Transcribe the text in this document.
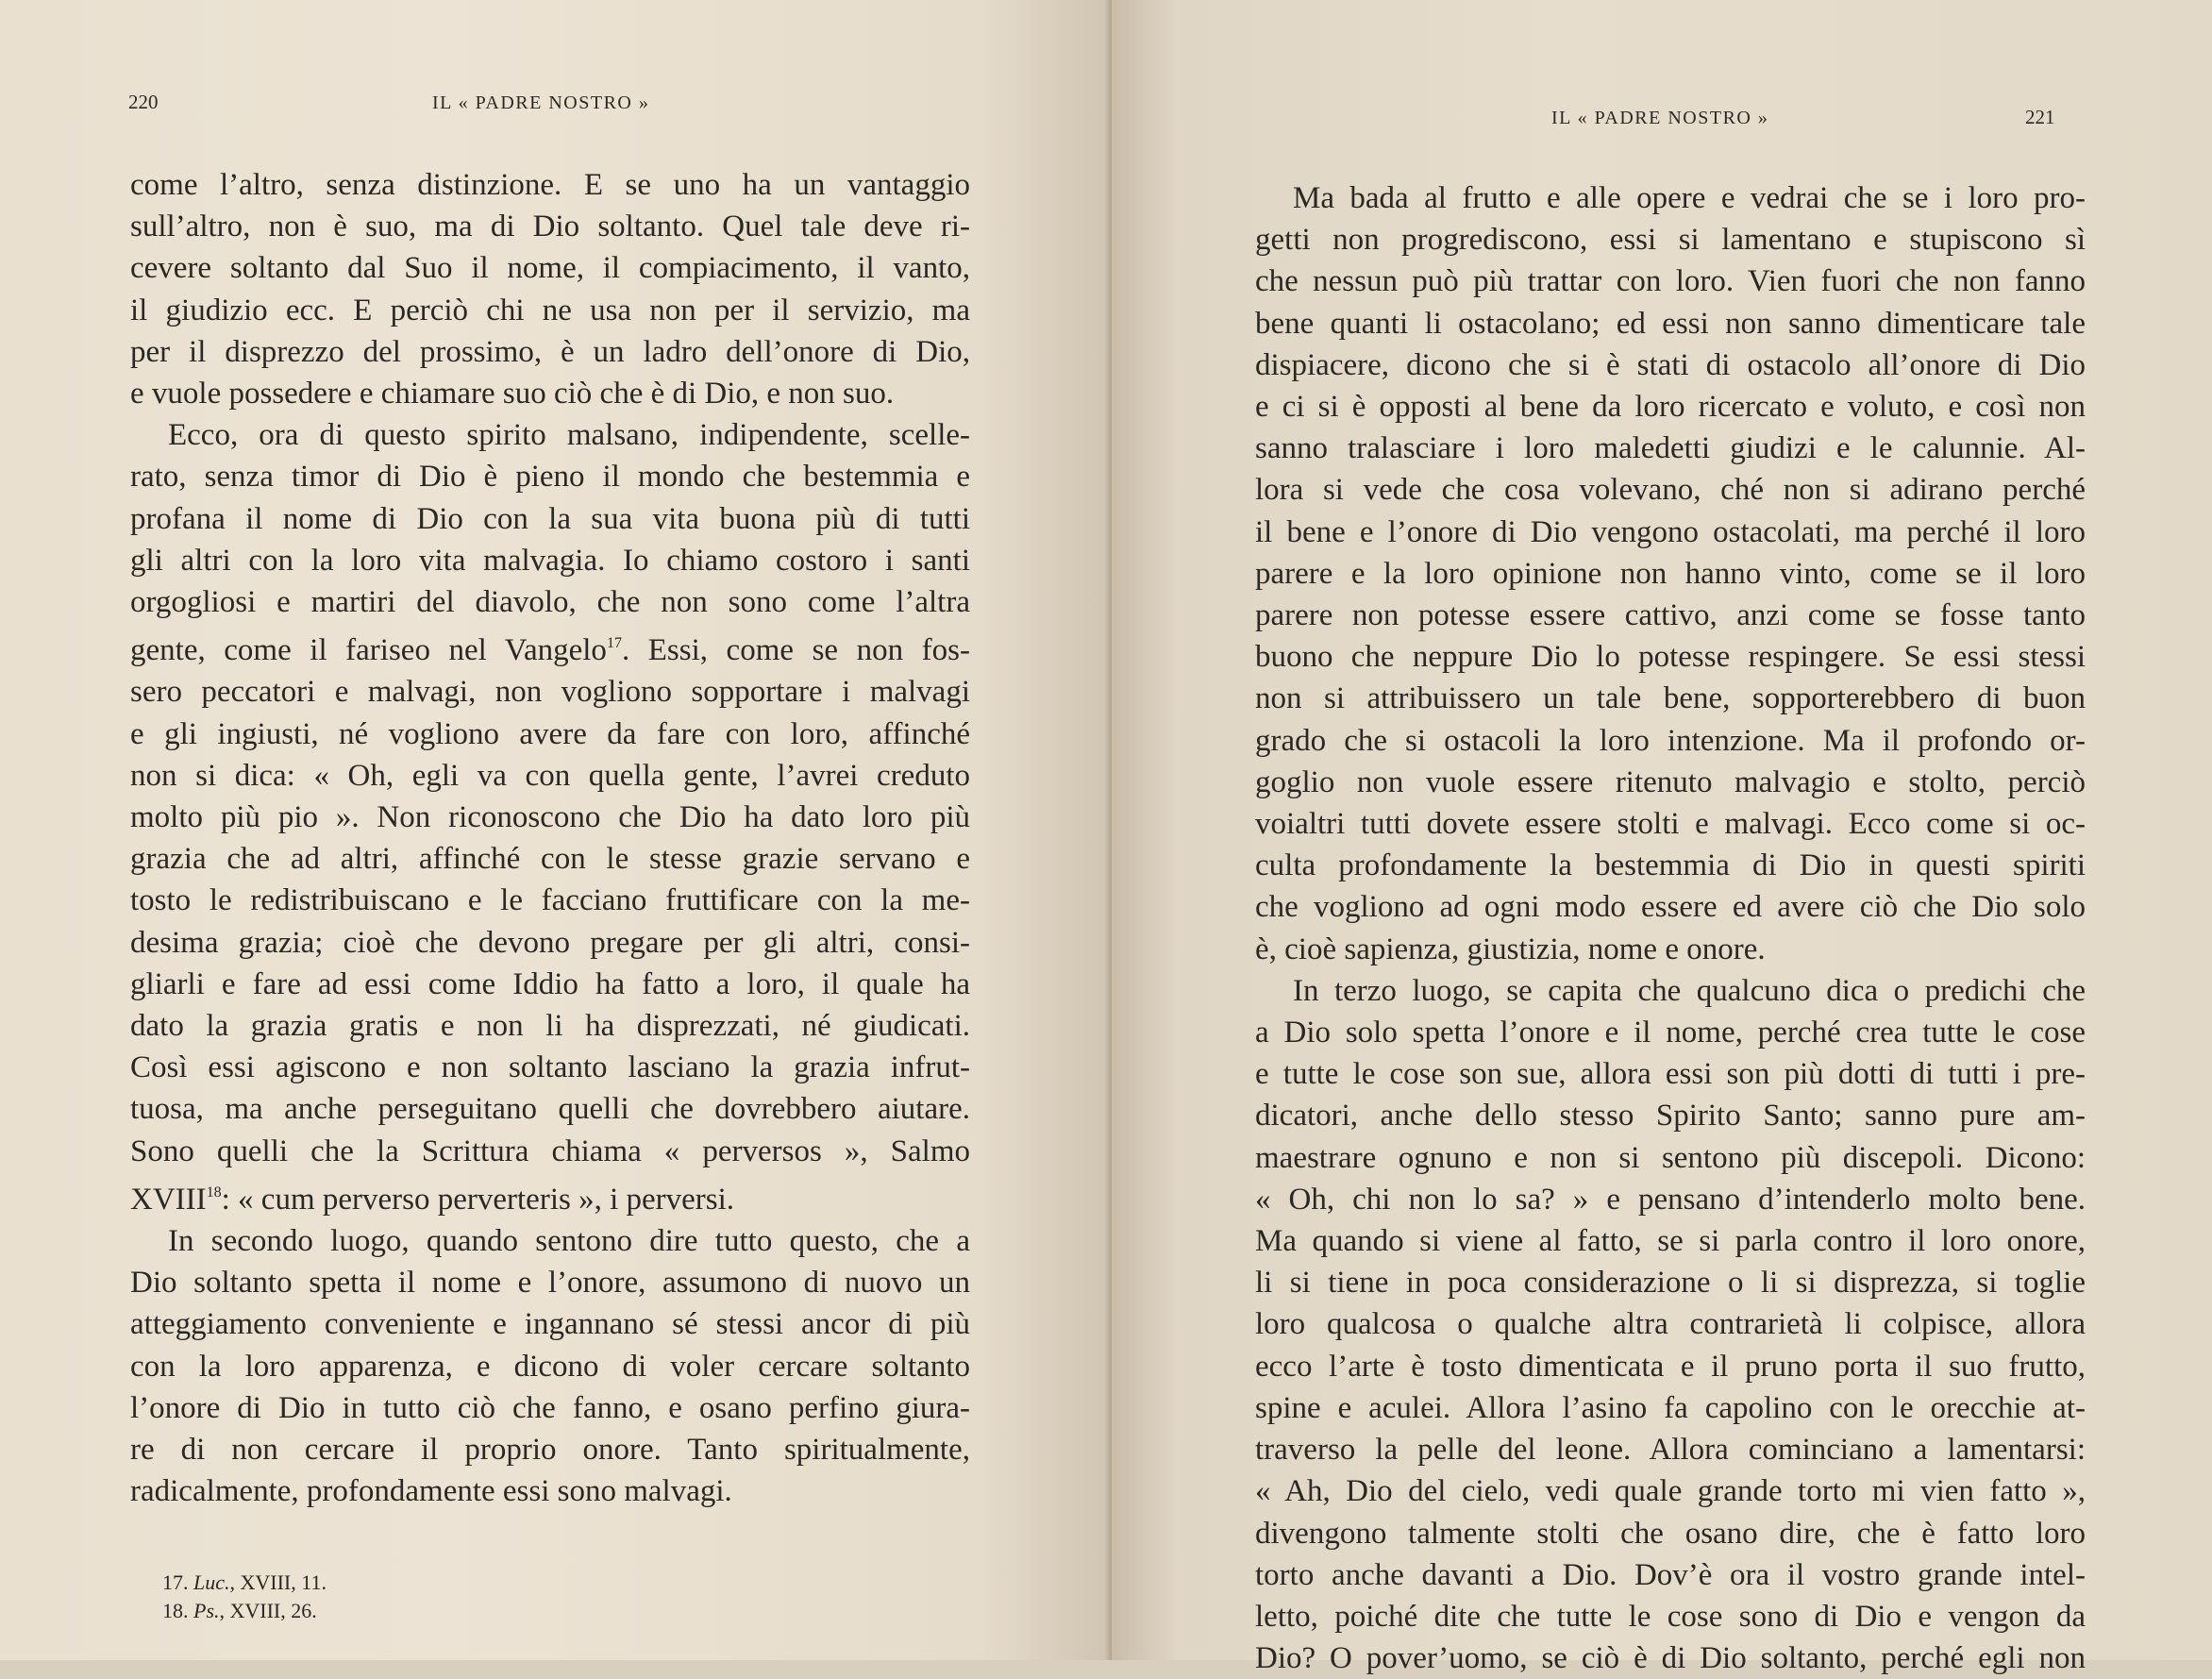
220	IL « PADRE NOSTRO »
come l’altro, senza distinzione. E se uno ha un vantaggio
sull’altro, non è suo, ma di Dio soltanto. Quel tale deve ri-
cevere soltanto dal Suo il nome, il compiacimento, il vanto,
il giudizio ecc. E perciò chi ne usa non per il servizio, ma
per il disprezzo del prossimo, è un ladro dell’onore di Dio,
e vuole possedere e chiamare suo ciò che è di Dio, e non suo.
Ecco, ora di questo spirito malsano, indipendente, scelle-
rato, senza timor di Dio è pieno il mondo che bestemmia e
profana il nome di Dio con la sua vita buona più di tutti
gli altri con la loro vita malvagia. Io chiamo costoro i santi
orgogliosi e martiri del diavolo, che non sono come l’altra
gente, come il fariseo nel Vangelo$^{17}$. Essi, come se non fos-
sero peccatori e malvagi, non vogliono sopportare i malvagi
e gli ingiusti, né vogliono avere da fare con loro, affinché
non si dica: « Oh, egli va con quella gente, l’avrei creduto
molto più pio ». Non riconoscono che Dio ha dato loro più
grazia che ad altri, affinché con le stesse grazie servano e
tosto le redistribuiscano e le facciano fruttificare con la me-
desima grazia; cioè che devono pregare per gli altri, consi-
gliarli e fare ad essi come Iddio ha fatto a loro, il quale ha
dato la grazia gratis e non li ha disprezzati, né giudicati.
Così essi agiscono e non soltanto lasciano la grazia infrut-
tuosa, ma anche perseguitano quelli che dovrebbero aiutare.
Sono quelli che la Scrittura chiama « perversos », Salmo
XVIII$^{18}$: « cum perverso perverteris », i perversi.
In secondo luogo, quando sentono dire tutto questo, che a
Dio soltanto spetta il nome e l’onore, assumono di nuovo un
atteggiamento conveniente e ingannano sé stessi ancor di più
con la loro apparenza, e dicono di voler cercare soltanto
l’onore di Dio in tutto ciò che fanno, e osano perfino giura-
re di non cercare il proprio onore. Tanto spiritualmente,
radicalmente, profondamente essi sono malvagi.
17. Luc., XVIII, 11.
18. Ps., XVIII, 26.
IL « PADRE NOSTRO »	221
Ma bada al frutto e alle opere e vedrai che se i loro pro-
getti non progrediscono, essi si lamentano e stupiscono sì
che nessun può più trattar con loro. Vien fuori che non fanno
bene quanti li ostacolano; ed essi non sanno dimenticare tale
dispiacere, dicono che si è stati di ostacolo all’onore di Dio
e ci si è opposti al bene da loro ricercato e voluto, e così non
sanno tralasciare i loro maledetti giudizi e le calunnie. Al-
lora si vede che cosa volevano, ché non si adirano perché
il bene e l’onore di Dio vengono ostacolati, ma perché il loro
parere e la loro opinione non hanno vinto, come se il loro
parere non potesse essere cattivo, anzi come se fosse tanto
buono che neppure Dio lo potesse respingere. Se essi stessi
non si attribuissero un tale bene, sopporterebbero di buon
grado che si ostacoli la loro intenzione. Ma il profondo or-
goglio non vuole essere ritenuto malvagio e stolto, perciò
voialtri tutti dovete essere stolti e malvagi. Ecco come si oc-
culta profondamente la bestemmia di Dio in questi spiriti
che vogliono ad ogni modo essere ed avere ciò che Dio solo
è, cioè sapienza, giustizia, nome e onore.
In terzo luogo, se capita che qualcuno dica o predichi che
a Dio solo spetta l’onore e il nome, perché crea tutte le cose
e tutte le cose son sue, allora essi son più dotti di tutti i pre-
dicatori, anche dello stesso Spirito Santo; sanno pure am-
maestrare ognuno e non si sentono più discepoli. Dicono:
« Oh, chi non lo sa? » e pensano d’intenderlo molto bene.
Ma quando si viene al fatto, se si parla contro il loro onore,
li si tiene in poca considerazione o li si disprezza, si toglie
loro qualcosa o qualche altra contrarietà li colpisce, allora
ecco l’arte è tosto dimenticata e il pruno porta il suo frutto,
spine e aculei. Allora l’asino fa capolino con le orecchie at-
traverso la pelle del leone. Allora cominciano a lamentarsi:
« Ah, Dio del cielo, vedi quale grande torto mi vien fatto »,
divengono talmente stolti che osano dire, che è fatto loro
torto anche davanti a Dio. Dov’è ora il vostro grande intel-
letto, poiché dite che tutte le cose sono di Dio e vengon da
Dio? O pover’uomo, se ciò è di Dio soltanto, perché egli non
